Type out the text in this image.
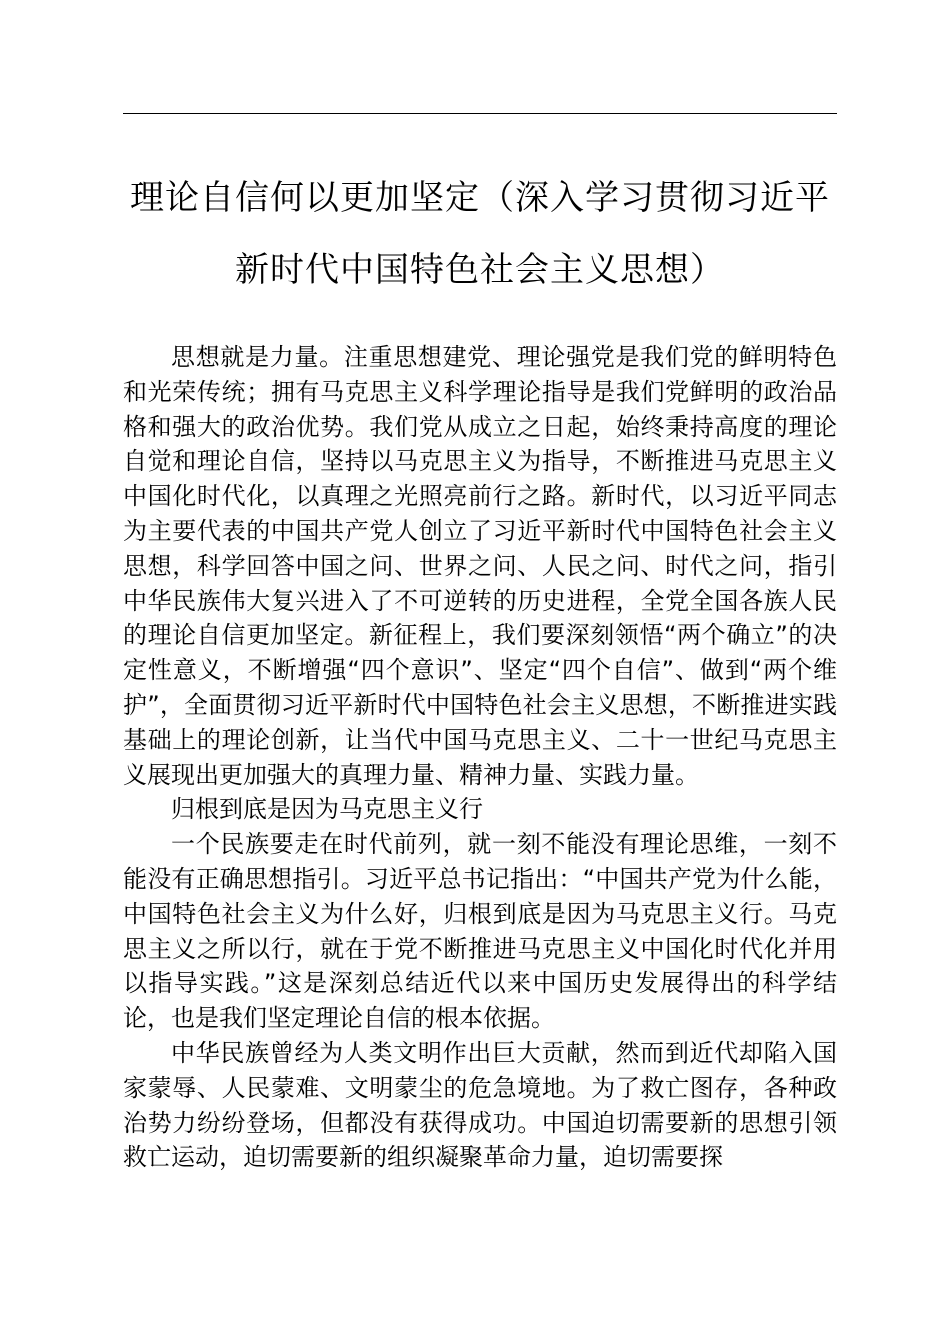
理论自信何以更加坚定（深入学习贯彻习近平
新时代中国特色社会主义思想）

思想就是力量。注重思想建党、理论强党是我们党的鲜明特色和光荣传统；拥有马克思主义科学理论指导是我们党鲜明的政治品格和强大的政治优势。我们党从成立之日起，始终秉持高度的理论自觉和理论自信，坚持以马克思主义为指导，不断推进马克思主义中国化时代化，以真理之光照亮前行之路。新时代，以习近平同志为主要代表的中国共产党人创立了习近平新时代中国特色社会主义思想，科学回答中国之问、世界之问、人民之问、时代之问，指引中华民族伟大复兴进入了不可逆转的历史进程，全党全国各族人民的理论自信更加坚定。新征程上，我们要深刻领悟“两个确立”的决定性意义，不断增强“四个意识”、坚定“四个自信”、做到“两个维护”，全面贯彻习近平新时代中国特色社会主义思想，不断推进实践基础上的理论创新，让当代中国马克思主义、二十一世纪马克思主义展现出更加强大的真理力量、精神力量、实践力量。

归根到底是因为马克思主义行

一个民族要走在时代前列，就一刻不能没有理论思维，一刻不能没有正确思想指引。习近平总书记指出：“中国共产党为什么能，中国特色社会主义为什么好，归根到底是因为马克思主义行。马克思主义之所以行，就在于党不断推进马克思主义中国化时代化并用以指导实践。”这是深刻总结近代以来中国历史发展得出的科学结论，也是我们坚定理论自信的根本依据。

中华民族曾经为人类文明作出巨大贡献，然而到近代却陷入国家蒙辱、人民蒙难、文明蒙尘的危急境地。为了救亡图存，各种政治势力纷纷登场，但都没有获得成功。中国迫切需要新的思想引领救亡运动，迫切需要新的组织凝聚革命力量，迫切需要探
